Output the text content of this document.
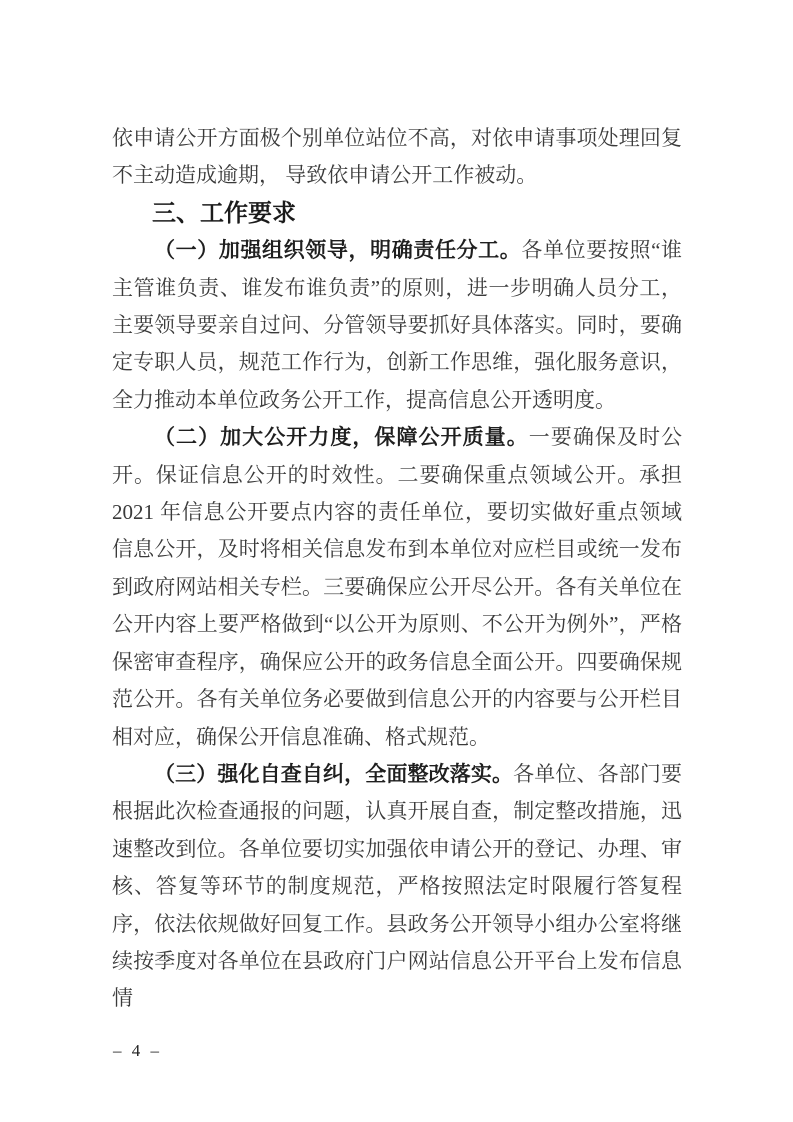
依申请公开方面极个别单位站位不高，对依申请事项处理回复不主动造成逾期， 导致依申请公开工作被动。

三、工作要求

（一）加强组织领导，明确责任分工。各单位要按照“谁主管谁负责、谁发布谁负责”的原则，进一步明确人员分工，主要领导要亲自过问、分管领导要抓好具体落实。同时，要确定专职人员，规范工作行为，创新工作思维，强化服务意识，全力推动本单位政务公开工作，提高信息公开透明度。

（二）加大公开力度，保障公开质量。一要确保及时公开。保证信息公开的时效性。二要确保重点领域公开。承担 2021 年信息公开要点内容的责任单位，要切实做好重点领域信息公开，及时将相关信息发布到本单位对应栏目或统一发布到政府网站相关专栏。三要确保应公开尽公开。各有关单位在公开内容上要严格做到“以公开为原则、不公开为例外”，严格保密审查程序，确保应公开的政务信息全面公开。四要确保规范公开。各有关单位务必要做到信息公开的内容要与公开栏目相对应，确保公开信息准确、格式规范。

（三）强化自查自纠，全面整改落实。各单位、各部门要根据此次检查通报的问题，认真开展自查，制定整改措施，迅速整改到位。各单位要切实加强依申请公开的登记、办理、审核、答复等环节的制度规范，严格按照法定时限履行答复程序，依法依规做好回复工作。县政务公开领导小组办公室将继续按季度对各单位在县政府门户网站信息公开平台上发布信息情

– 4 –
